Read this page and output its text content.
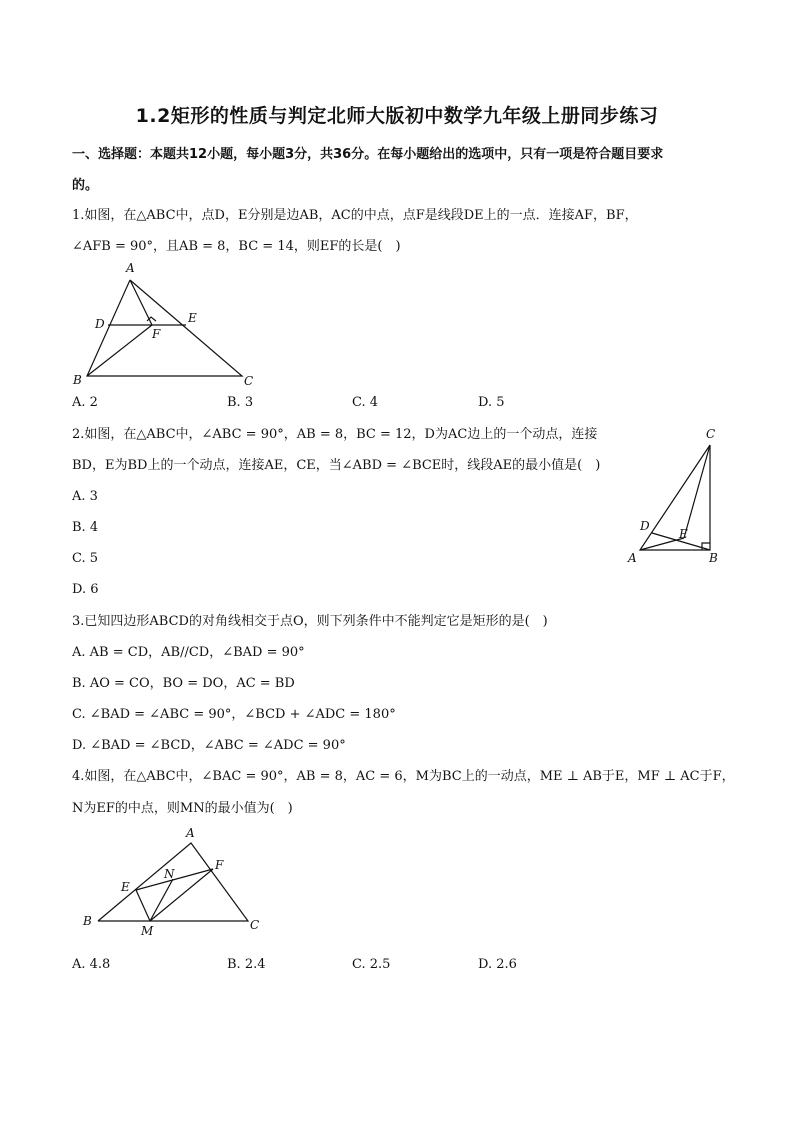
1.2矩形的性质与判定北师大版初中数学九年级上册同步练习
一、选择题：本题共12小题，每小题3分，共36分。在每小题给出的选项中，只有一项是符合题目要求
的。
1.如图，在△ABC中，点D，E分别是边AB，AC的中点，点F是线段DE上的一点．连接AF，BF，
∠AFB = 90°，且AB = 8，BC = 14，则EF的长是(　)
A
D	E
F
B	C
A. 2	B. 3	C. 4	D. 5
2.如图，在△ABC中，∠ABC = 90°，AB = 8，BC = 12，D为AC边上的一个动点，连接
BD，E为BD上的一个动点，连接AE，CE，当∠ABD = ∠BCE时，线段AE的最小值是(　)
C
D
E
A	B
A. 3
B. 4
C. 5
D. 6
3.已知四边形ABCD的对角线相交于点O，则下列条件中不能判定它是矩形的是(　)
A. AB = CD，AB//CD，∠BAD = 90°
B. AO = CO，BO = DO，AC = BD
C. ∠BAD = ∠ABC = 90°，∠BCD + ∠ADC = 180°
D. ∠BAD = ∠BCD，∠ABC = ∠ADC = 90°
4.如图，在△ABC中，∠BAC = 90°，AB = 8，AC = 6，M为BC上的一动点，ME ⊥ AB于E，MF ⊥ AC于F，
N为EF的中点，则MN的最小值为(　)
A
F
N
E
B
M	C
A. 4.8	B. 2.4	C. 2.5	D. 2.6
